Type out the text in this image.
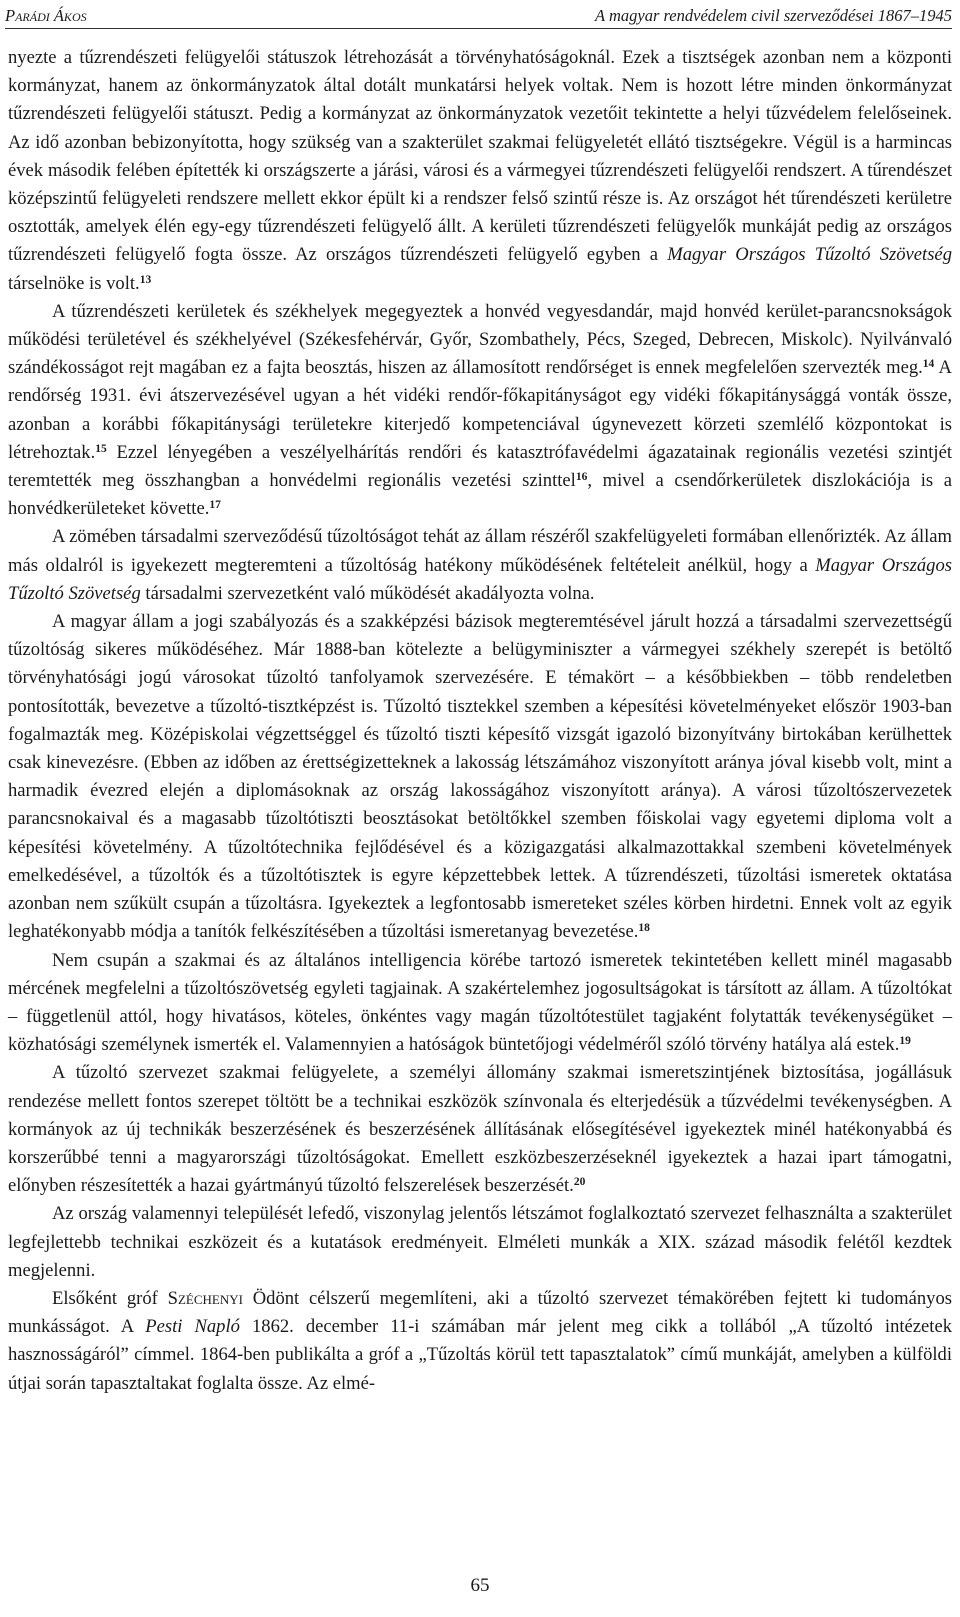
Parádi Ákos	A magyar rendvédelem civil szerveződései 1867–1945

nyezte a tűzrendészeti felügyelői státuszok létrehozását a törvényhatóságoknál. Ezek a tisztségek azonban nem a központi kormányzat, hanem az önkormányzatok által dotált munkatársi helyek voltak. Nem is hozott létre minden önkormányzat tűzrendészeti felügyelői státuszt. Pedig a kormányzat az önkormányzatok vezetőit tekintette a helyi tűzvédelem felelőseinek. Az idő azonban bebizonyította, hogy szükség van a szakterület szakmai felügyeletét ellátó tisztségekre. Végül is a harmincas évek második felében építették ki országszerte a járási, városi és a vármegyei tűzrendészeti felügyelői rendszert. A tűrendészet középszintű felügyeleti rendszere mellett ekkor épült ki a rendszer felső szintű része is. Az országot hét tűrendészeti kerületre osztották, amelyek élén egy-egy tűzrendészeti felügyelő állt. A kerületi tűzrendészeti felügyelők munkáját pedig az országos tűzrendészeti felügyelő fogta össze. Az országos tűzrendészeti felügyelő egyben a Magyar Országos Tűzoltó Szövetség társelnöke is volt.$^{13}$

A tűzrendészeti kerületek és székhelyek megegyeztek a honvéd vegyesdandár, majd honvéd kerület-parancsnokságok működési területével és székhelyével (Székesfehérvár, Győr, Szombathely, Pécs, Szeged, Debrecen, Miskolc). Nyilvánvaló szándékosságot rejt magában ez a fajta beosztás, hiszen az államosított rendőrséget is ennek megfelelően szervezték meg.$^{14}$ A rendőrség 1931. évi átszervezésével ugyan a hét vidéki rendőr-főkapitányságot egy vidéki főkapitánysággá vonták össze, azonban a korábbi főkapitánysági területekre kiterjedő kompetenciával úgynevezett körzeti szemlélő központokat is létrehoztak.$^{15}$ Ezzel lényegében a veszélyelhárítás rendőri és katasztrófavédelmi ágazatainak regionális vezetési szintjét teremtették meg összhangban a honvédelmi regionális vezetési szinttel$^{16}$, mivel a csendőrkerületek diszlokációja is a honvédkerületeket követte.$^{17}$

A zömében társadalmi szerveződésű tűzoltóságot tehát az állam részéről szakfelügyeleti formában ellenőrizték. Az állam más oldalról is igyekezett megteremteni a tűzoltóság hatékony működésének feltételeit anélkül, hogy a Magyar Országos Tűzoltó Szövetség társadalmi szervezetként való működését akadályozta volna.

A magyar állam a jogi szabályozás és a szakképzési bázisok megteremtésével járult hozzá a társadalmi szervezettségű tűzoltóság sikeres működéséhez. Már 1888-ban kötelezte a belügyminiszter a vármegyei székhely szerepét is betöltő törvényhatósági jogú városokat tűzoltó tanfolyamok szervezésére. E témakört – a későbbiekben – több rendeletben pontosították, bevezetve a tűzoltó-tisztképzést is. Tűzoltó tisztekkel szemben a képesítési követelményeket először 1903-ban fogalmazták meg. Középiskolai végzettséggel és tűzoltó tiszti képesítő vizsgát igazoló bizonyítvány birtokában kerülhettek csak kinevezésre. (Ebben az időben az érettségizetteknek a lakosság létszámához viszonyított aránya jóval kisebb volt, mint a harmadik évezred elején a diplomásoknak az ország lakosságához viszonyított aránya). A városi tűzoltószervezetek parancsnokaival és a magasabb tűzoltótiszti beosztásokat betöltőkkel szemben főiskolai vagy egyetemi diploma volt a képesítési követelmény. A tűzoltótechnika fejlődésével és a közigazgatási alkalmazottakkal szembeni követelmények emelkedésével, a tűzoltók és a tűzoltótisztek is egyre képzettebbek lettek. A tűzrendészeti, tűzoltási ismeretek oktatása azonban nem szűkült csupán a tűzoltásra. Igyekeztek a legfontosabb ismereteket széles körben hirdetni. Ennek volt az egyik leghatékonyabb módja a tanítók felkészítésében a tűzoltási ismeretanyag bevezetése.$^{18}$

Nem csupán a szakmai és az általános intelligencia körébe tartozó ismeretek tekintetében kellett minél magasabb mércének megfelelni a tűzoltószövetség egyleti tagjainak. A szakértelemhez jogosultságokat is társított az állam. A tűzoltókat – függetlenül attól, hogy hivatásos, köteles, önkéntes vagy magán tűzoltótestület tagjaként folytatták tevékenységüket – közhatósági személynek ismerték el. Valamennyien a hatóságok büntetőjogi védelméről szóló törvény hatálya alá estek.$^{19}$

A tűzoltó szervezet szakmai felügyelete, a személyi állomány szakmai ismeretszintjének biztosítása, jogállásuk rendezése mellett fontos szerepet töltött be a technikai eszközök színvonala és elterjedésük a tűzvédelmi tevékenységben. A kormányok az új technikák beszerzésének és beszerzésének állításának elősegítésével igyekeztek minél hatékonyabbá és korszerűbbé tenni a magyarországi tűzoltóságokat. Emellett eszközbeszerzéseknél igyekeztek a hazai ipart támogatni, előnyben részesítették a hazai gyártmányú tűzoltó felszerelések beszerzését.$^{20}$

Az ország valamennyi települését lefedő, viszonylag jelentős létszámot foglalkoztató szervezet felhasználta a szakterület legfejlettebb technikai eszközeit és a kutatások eredményeit. Elméleti munkák a XIX. század második felétől kezdtek megjelenni.

Elsőként gróf Széchenyi Ödönt célszerű megemlíteni, aki a tűzoltó szervezet témakörében fejtett ki tudományos munkásságot. A Pesti Napló 1862. december 11-i számában már jelent meg cikk a tollából „A tűzoltó intézetek hasznosságáról” címmel. 1864-ben publikálta a gróf a „Tűzoltás körül tett tapasztalatok” című munkáját, amelyben a külföldi útjai során tapasztaltakat foglalta össze. Az elmé-

65
